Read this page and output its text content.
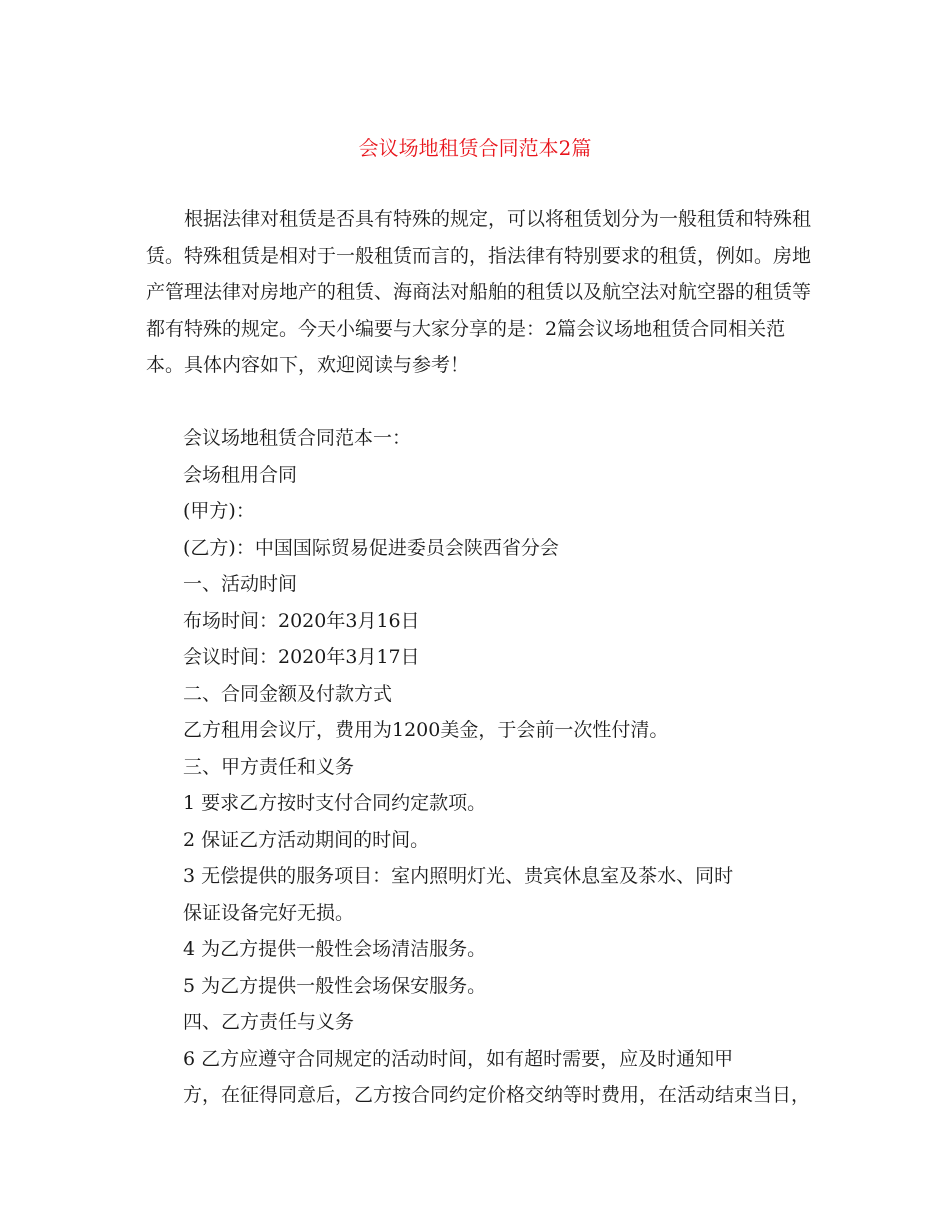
会议场地租赁合同范本2篇
根据法律对租赁是否具有特殊的规定，可以将租赁划分为一般租赁和特殊租
赁。特殊租赁是相对于一般租赁而言的，指法律有特别要求的租赁，例如。房地
产管理法律对房地产的租赁、海商法对船舶的租赁以及航空法对航空器的租赁等
都有特殊的规定。今天小编要与大家分享的是：2篇会议场地租赁合同相关范
本。具体内容如下，欢迎阅读与参考！
会议场地租赁合同范本一：
会场租用合同
(甲方)：
(乙方)：中国国际贸易促进委员会陕西省分会
一、活动时间
布场时间：2020年3月16日
会议时间：2020年3月17日
二、合同金额及付款方式
乙方租用会议厅，费用为1200美金，于会前一次性付清。
三、甲方责任和义务
1 要求乙方按时支付合同约定款项。
2 保证乙方活动期间的时间。
3 无偿提供的服务项目：室内照明灯光、贵宾休息室及茶水、同时
保证设备完好无损。
4 为乙方提供一般性会场清洁服务。
5 为乙方提供一般性会场保安服务。
四、乙方责任与义务
6 乙方应遵守合同规定的活动时间，如有超时需要，应及时通知甲
方，在征得同意后，乙方按合同约定价格交纳等时费用，在活动结束当日，
